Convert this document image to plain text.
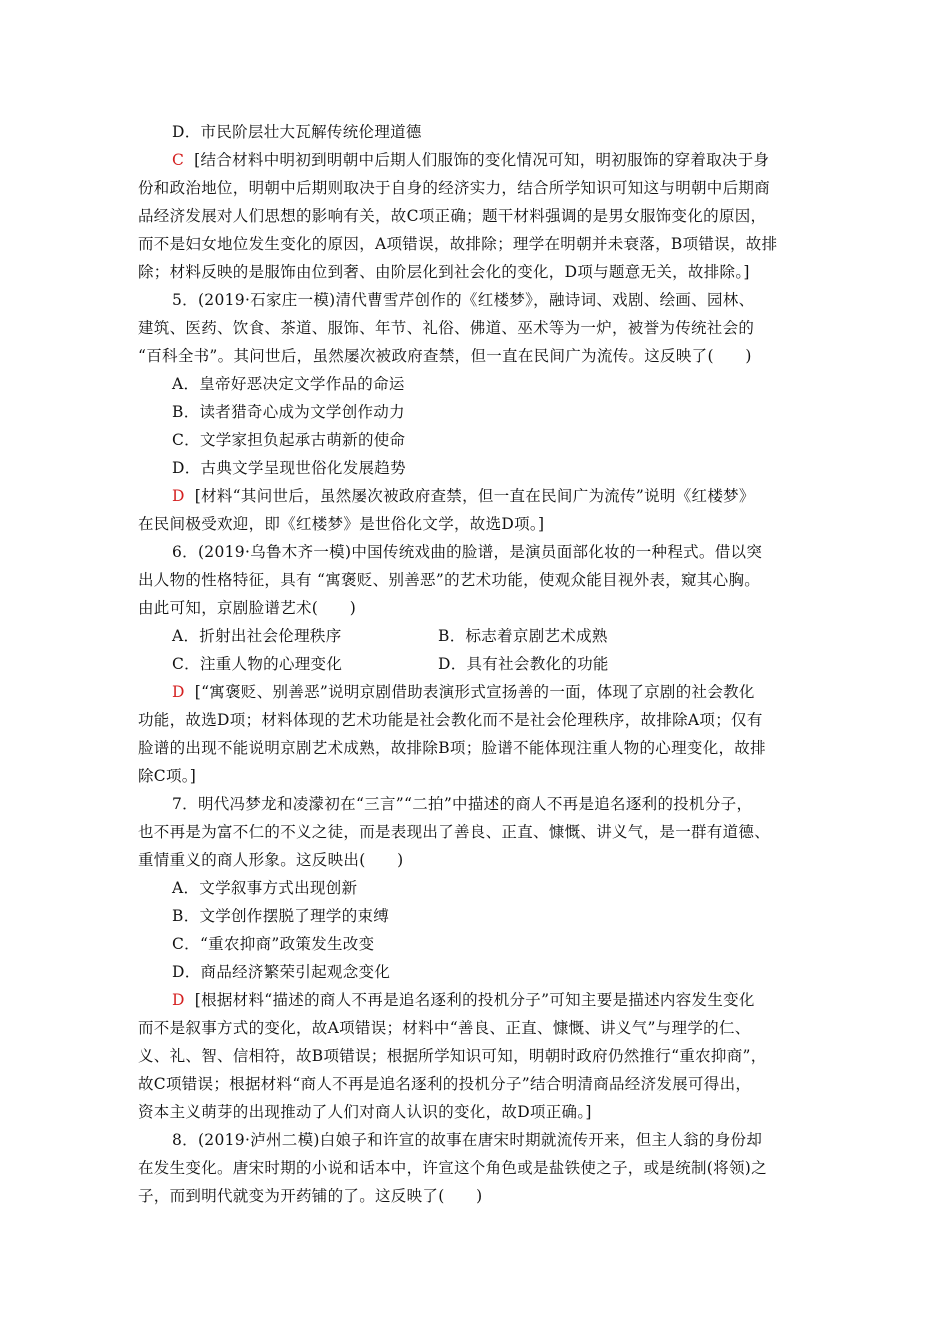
D．市民阶层壮大瓦解传统伦理道德
C [结合材料中明初到明朝中后期人们服饰的变化情况可知，明初服饰的穿着取决于身
份和政治地位，明朝中后期则取决于自身的经济实力，结合所学知识可知这与明朝中后期商
品经济发展对人们思想的影响有关，故C项正确；题干材料强调的是男女服饰变化的原因，
而不是妇女地位发生变化的原因，A项错误，故排除；理学在明朝并未衰落，B项错误，故排
除；材料反映的是服饰由位到奢、由阶层化到社会化的变化，D项与题意无关，故排除。]
5．(2019·石家庄一模)清代曹雪芹创作的《红楼梦》，融诗词、戏剧、绘画、园林、
建筑、医药、饮食、茶道、服饰、年节、礼俗、佛道、巫术等为一炉，被誉为传统社会的
“百科全书”。其问世后，虽然屡次被政府查禁，但一直在民间广为流传。这反映了(　　)
A．皇帝好恶决定文学作品的命运
B．读者猎奇心成为文学创作动力
C．文学家担负起承古萌新的使命
D．古典文学呈现世俗化发展趋势
D [材料“其问世后，虽然屡次被政府查禁，但一直在民间广为流传”说明《红楼梦》
在民间极受欢迎，即《红楼梦》是世俗化文学，故选D项。]
6．(2019·乌鲁木齐一模)中国传统戏曲的脸谱，是演员面部化妆的一种程式。借以突
出人物的性格特征，具有 “寓褒贬、别善恶”的艺术功能，使观众能目视外表，窥其心胸。
由此可知，京剧脸谱艺术(　　)
A．折射出社会伦理秩序	B．标志着京剧艺术成熟
C．注重人物的心理变化	D．具有社会教化的功能
D [“寓褒贬、别善恶”说明京剧借助表演形式宣扬善的一面，体现了京剧的社会教化
功能，故选D项；材料体现的艺术功能是社会教化而不是社会伦理秩序，故排除A项；仅有
脸谱的出现不能说明京剧艺术成熟，故排除B项；脸谱不能体现注重人物的心理变化，故排
除C项。]
7．明代冯梦龙和凌濛初在“三言”“二拍”中描述的商人不再是追名逐利的投机分子，
也不再是为富不仁的不义之徒，而是表现出了善良、正直、慷慨、讲义气，是一群有道德、
重情重义的商人形象。这反映出(　　)
A．文学叙事方式出现创新
B．文学创作摆脱了理学的束缚
C．“重农抑商”政策发生改变
D．商品经济繁荣引起观念变化
D [根据材料“描述的商人不再是追名逐利的投机分子”可知主要是描述内容发生变化
而不是叙事方式的变化，故A项错误；材料中“善良、正直、慷慨、讲义气”与理学的仁、
义、礼、智、信相符，故B项错误；根据所学知识可知，明朝时政府仍然推行“重农抑商”，
故C项错误；根据材料“商人不再是追名逐利的投机分子”结合明清商品经济发展可得出，
资本主义萌芽的出现推动了人们对商人认识的变化，故D项正确。]
8．(2019·泸州二模)白娘子和许宣的故事在唐宋时期就流传开来，但主人翁的身份却
在发生变化。唐宋时期的小说和话本中，许宣这个角色或是盐铁使之子，或是统制(将领)之
子，而到明代就变为开药铺的了。这反映了(　　)
